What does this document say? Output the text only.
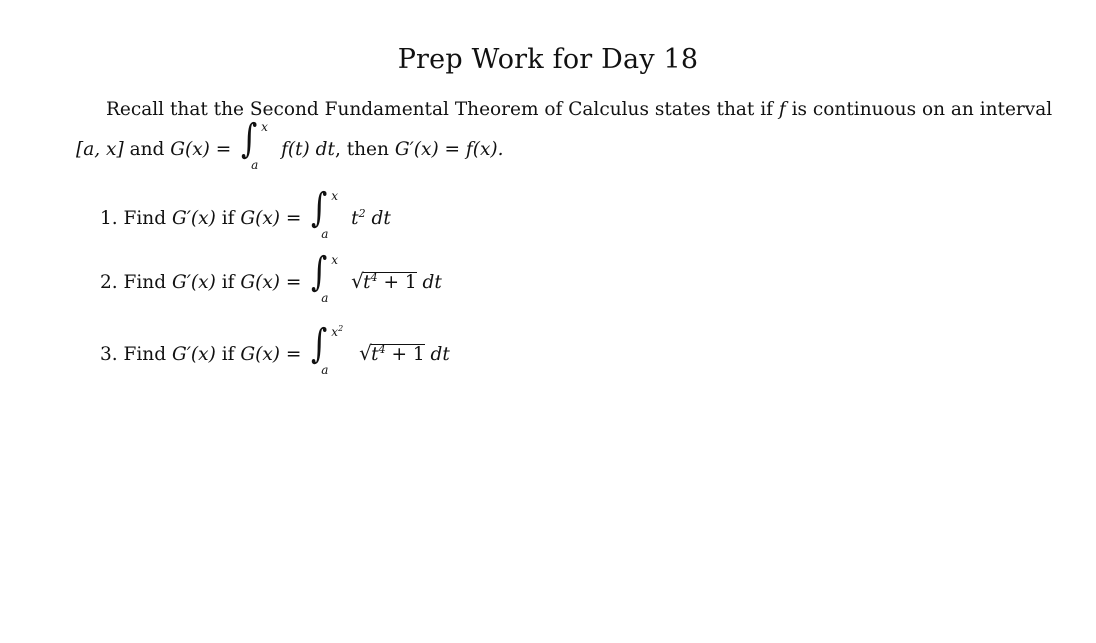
Prep Work for Day 18
Recall that the Second Fundamental Theorem of Calculus states that if f is continuous on an interval
[a, x] and G(x) = ∫ x
a
f(t) dt, then G′(x) = f(x).
1. Find G′(x) if G(x) = ∫ x
a
$t^2$ dt
2. Find G′(x) if G(x) = ∫ x
a

√ $t^4 + 1$ dt
3. Find G′(x) if G(x) = ∫ $x^2$
a

√ $t^4 + 1$ dt
